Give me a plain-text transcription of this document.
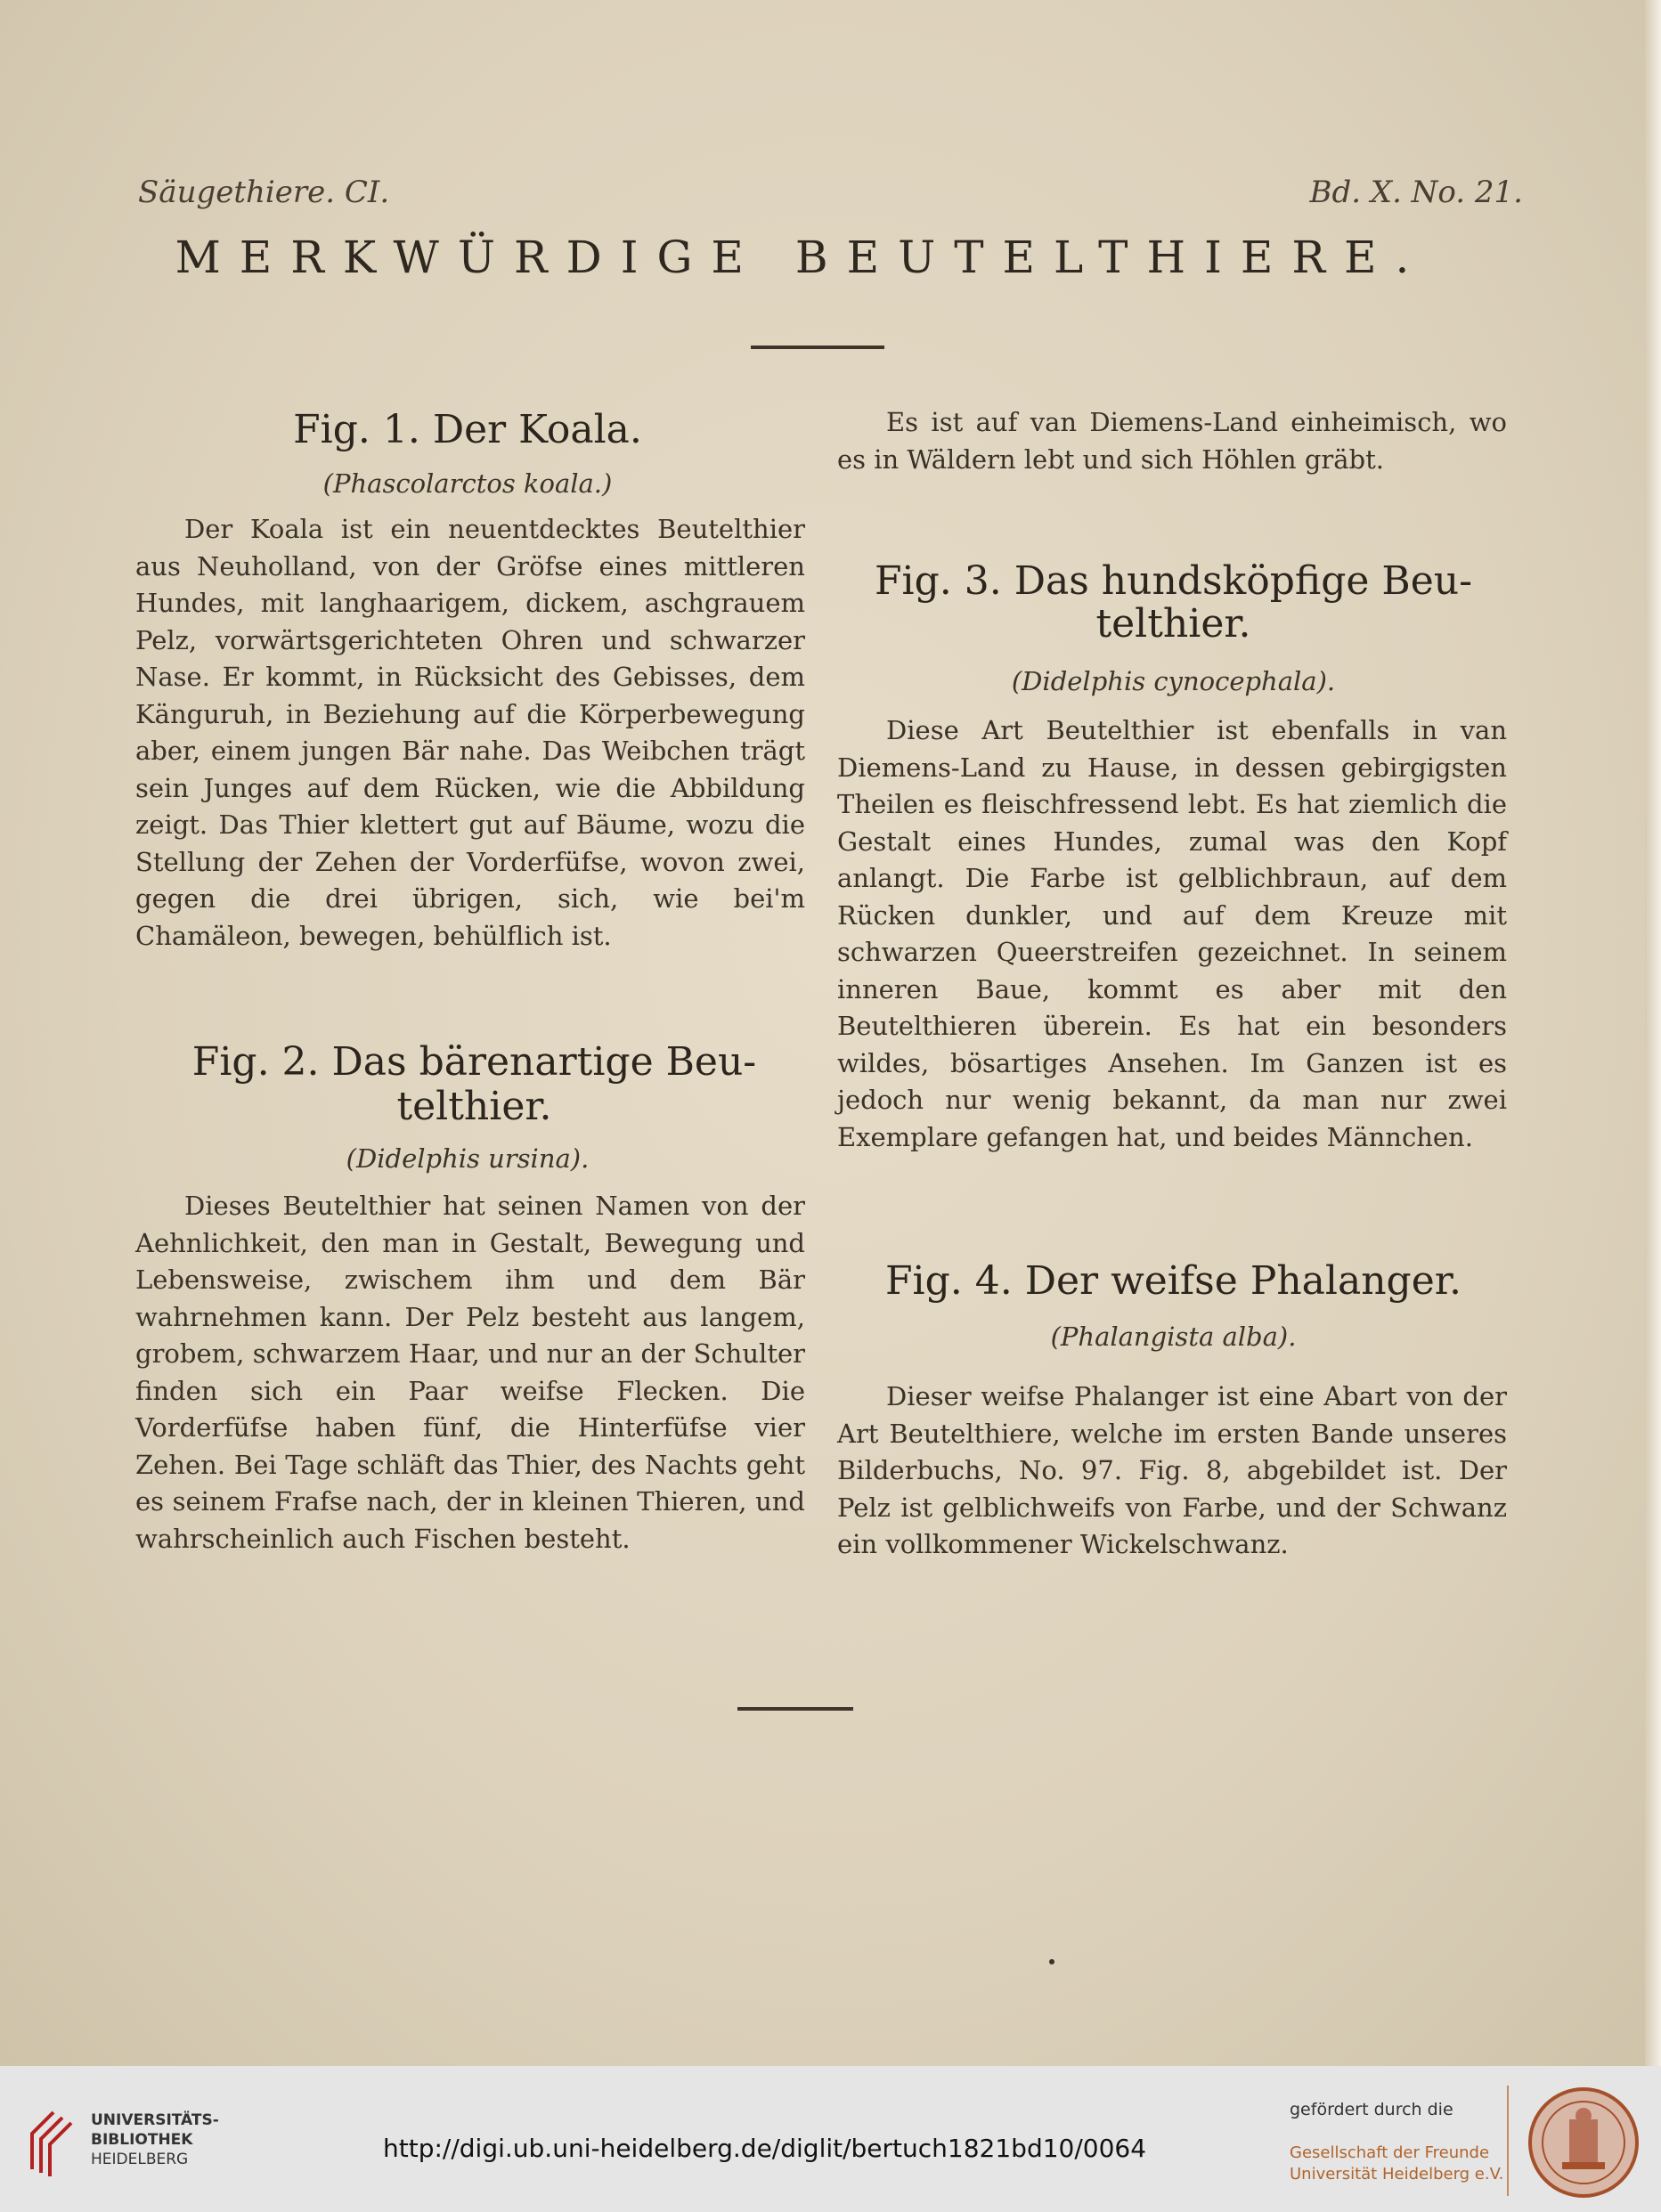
Säugethiere. CI.	Bd. X. No. 21.
MERKWÜRDIGE BEUTELTHIERE.
Fig. 1. Der Koala.
(Phascolarctos koala.)
Der Koala ist ein neuentdecktes Beutelthier aus Neuholland, von der Gröfse eines mittleren Hundes, mit langhaarigem, dickem, aschgrauem Pelz, vorwärtsgerichteten Ohren und schwarzer Nase. Er kommt, in Rücksicht des Gebisses, dem Känguruh, in Beziehung auf die Körperbewegung aber, einem jungen Bär nahe. Das Weibchen trägt sein Junges auf dem Rücken, wie die Abbildung zeigt. Das Thier klettert gut auf Bäume, wozu die Stellung der Zehen der Vorderfüfse, wovon zwei, gegen die drei übrigen, sich, wie bei'm Chamäleon, bewegen, behülflich ist.
Fig. 2. Das bärenartige Beu-
telthier.
(Didelphis ursina).
Dieses Beutelthier hat seinen Namen von der Aehnlichkeit, den man in Gestalt, Bewegung und Lebensweise, zwischem ihm und dem Bär wahrnehmen kann. Der Pelz besteht aus langem, grobem, schwarzem Haar, und nur an der Schulter finden sich ein Paar weifse Flecken. Die Vorderfüfse haben fünf, die Hinterfüfse vier Zehen. Bei Tage schläft das Thier, des Nachts geht es seinem Frafse nach, der in kleinen Thieren, und wahrscheinlich auch Fischen besteht.
Es ist auf van Diemens-Land einheimisch, wo es in Wäldern lebt und sich Höhlen gräbt.
Fig. 3. Das hundsköpfige Beu-
telthier.
(Didelphis cynocephala).
Diese Art Beutelthier ist ebenfalls in van Diemens-Land zu Hause, in dessen gebirgigsten Theilen es fleischfressend lebt. Es hat ziemlich die Gestalt eines Hundes, zumal was den Kopf anlangt. Die Farbe ist gelblichbraun, auf dem Rücken dunkler, und auf dem Kreuze mit schwarzen Queerstreifen gezeichnet. In seinem inneren Baue, kommt es aber mit den Beutelthieren überein. Es hat ein besonders wildes, bösartiges Ansehen. Im Ganzen ist es jedoch nur wenig bekannt, da man nur zwei Exemplare gefangen hat, und beides Männchen.
Fig. 4. Der weifse Phalanger.
(Phalangista alba).
Dieser weifse Phalanger ist eine Abart von der Art Beutelthiere, welche im ersten Bande unseres Bilderbuchs, No. 97. Fig. 8, abgebildet ist. Der Pelz ist gelblichweifs von Farbe, und der Schwanz ein vollkommener Wickelschwanz.
UNIVERSITÄTS-
BIBLIOTHEK
HEIDELBERG	http://digi.ub.uni-heidelberg.de/diglit/bertuch1821bd10/0064
gefördert durch die
Gesellschaft der Freunde
Universität Heidelberg e.V.
